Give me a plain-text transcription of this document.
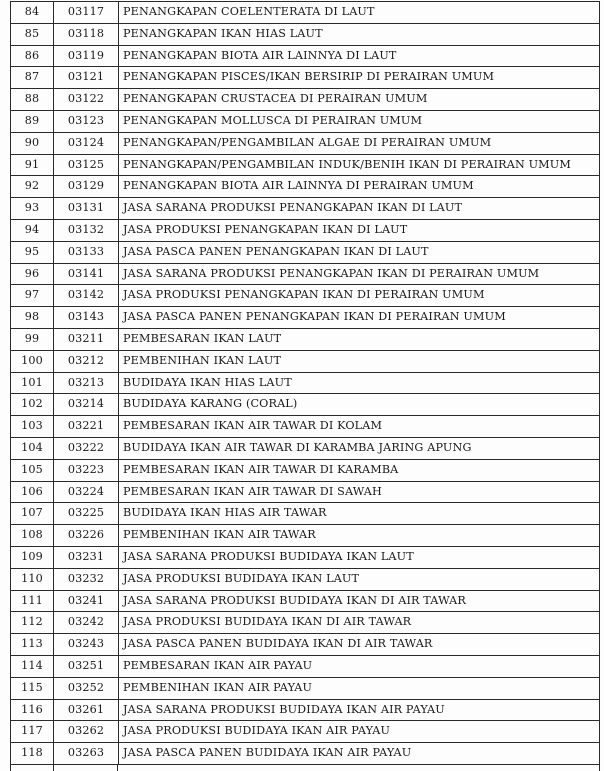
84	03117	PENANGKAPAN COELENTERATA DI LAUT
85	03118	PENANGKAPAN IKAN HIAS LAUT
86	03119	PENANGKAPAN BIOTA AIR LAINNYA DI LAUT
87	03121	PENANGKAPAN PISCES/IKAN BERSIRIP DI PERAIRAN UMUM
88	03122	PENANGKAPAN CRUSTACEA DI PERAIRAN UMUM
89	03123	PENANGKAPAN MOLLUSCA DI PERAIRAN UMUM
90	03124	PENANGKAPAN/PENGAMBILAN ALGAE DI PERAIRAN UMUM
91	03125	PENANGKAPAN/PENGAMBILAN INDUK/BENIH IKAN DI PERAIRAN UMUM
92	03129	PENANGKAPAN BIOTA AIR LAINNYA DI PERAIRAN UMUM
93	03131	JASA SARANA PRODUKSI PENANGKAPAN IKAN DI LAUT
94	03132	JASA PRODUKSI PENANGKAPAN IKAN DI LAUT
95	03133	JASA PASCA PANEN PENANGKAPAN IKAN DI LAUT
96	03141	JASA SARANA PRODUKSI PENANGKAPAN IKAN DI PERAIRAN UMUM
97	03142	JASA PRODUKSI PENANGKAPAN IKAN DI PERAIRAN UMUM
98	03143	JASA PASCA PANEN PENANGKAPAN IKAN DI PERAIRAN UMUM
99	03211	PEMBESARAN IKAN LAUT
100	03212	PEMBENIHAN IKAN LAUT
101	03213	BUDIDAYA IKAN HIAS LAUT
102	03214	BUDIDAYA KARANG (CORAL)
103	03221	PEMBESARAN IKAN AIR TAWAR DI KOLAM
104	03222	BUDIDAYA IKAN AIR TAWAR DI KARAMBA JARING APUNG
105	03223	PEMBESARAN IKAN AIR TAWAR DI KARAMBA
106	03224	PEMBESARAN IKAN AIR TAWAR DI SAWAH
107	03225	BUDIDAYA IKAN HIAS AIR TAWAR
108	03226	PEMBENIHAN IKAN AIR TAWAR
109	03231	JASA SARANA PRODUKSI BUDIDAYA IKAN LAUT
110	03232	JASA PRODUKSI BUDIDAYA IKAN LAUT
111	03241	JASA SARANA PRODUKSI BUDIDAYA IKAN DI AIR TAWAR
112	03242	JASA PRODUKSI BUDIDAYA IKAN DI AIR TAWAR
113	03243	JASA PASCA PANEN BUDIDAYA IKAN DI AIR TAWAR
114	03251	PEMBESARAN IKAN AIR PAYAU
115	03252	PEMBENIHAN IKAN AIR PAYAU
116	03261	JASA SARANA PRODUKSI BUDIDAYA IKAN AIR PAYAU
117	03262	JASA PRODUKSI BUDIDAYA IKAN AIR PAYAU
118	03263	JASA PASCA PANEN BUDIDAYA IKAN AIR PAYAU
